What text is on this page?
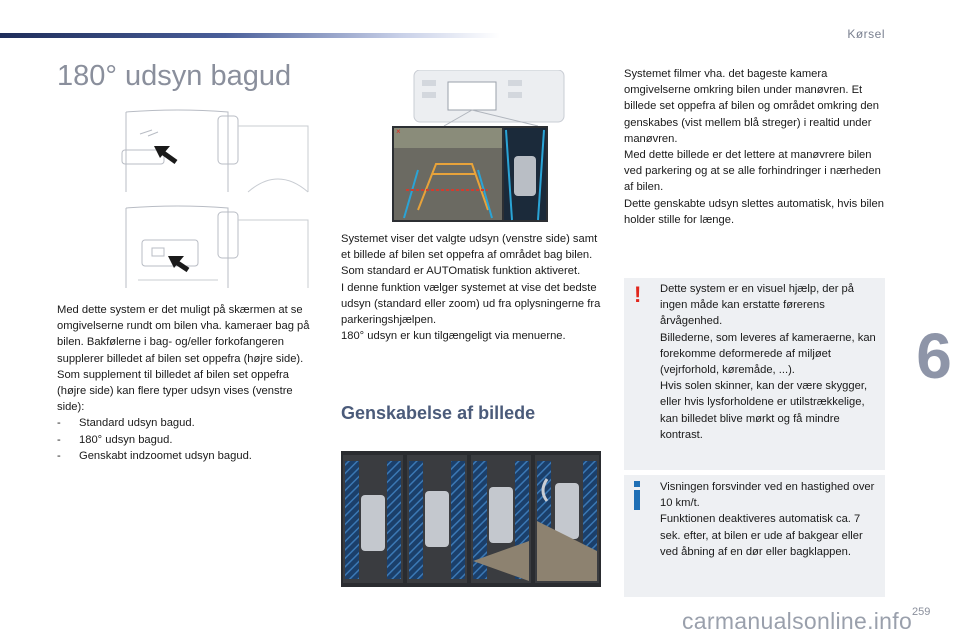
Kørsel
6
180° udsyn bagud

Med dette system er det muligt på skærmen at se omgivelserne rundt om bilen vha. kameraer bag på bilen. Bakfølerne i bag- og/eller forkofangeren supplerer billedet af bilen set oppefra (højre side).

Som supplement til billedet af bilen set oppefra (højre side) kan flere typer udsyn vises (venstre side):

- Standard udsyn bagud.
- 180° udsyn bagud.
- Genskabt indzoomet udsyn bagud.

×

Systemet viser det valgte udsyn (venstre side) samt et billede af bilen set oppefra af området bag bilen.

Som standard er AUTOmatisk funktion aktiveret.

I denne funktion vælger systemet at vise det bedste udsyn (standard eller zoom) ud fra oplysningerne fra parkeringshjælpen.

180° udsyn er kun tilgængeligt via menuerne.

Genskabelse af billede

Systemet filmer vha. det bageste kamera omgivelserne omkring bilen under manøvren. Et billede set oppefra af bilen og området omkring den genskabes (vist mellem blå streger) i realtid under manøvren.

Med dette billede er det lettere at manøvrere bilen ved parkering og at se alle forhindringer i nærheden af bilen.

Dette genskabte udsyn slettes automatisk, hvis bilen holder stille for længe.

! Dette system er en visuel hjælp, der på ingen måde kan erstatte førerens årvågenhed.

Billederne, som leveres af kameraerne, kan forekomme deformerede af miljøet (vejrforhold, køremåde, ...).

Hvis solen skinner, kan der være skygger, eller hvis lysforholdene er utilstrækkelige, kan billedet blive mørkt og få mindre kontrast.

Visningen forsvinder ved en hastighed over 10 km/t.

Funktionen deaktiveres automatisk ca. 7 sek. efter, at bilen er ude af bakgear eller ved åbning af en dør eller bagklappen.

259
carmanualsonline.info
